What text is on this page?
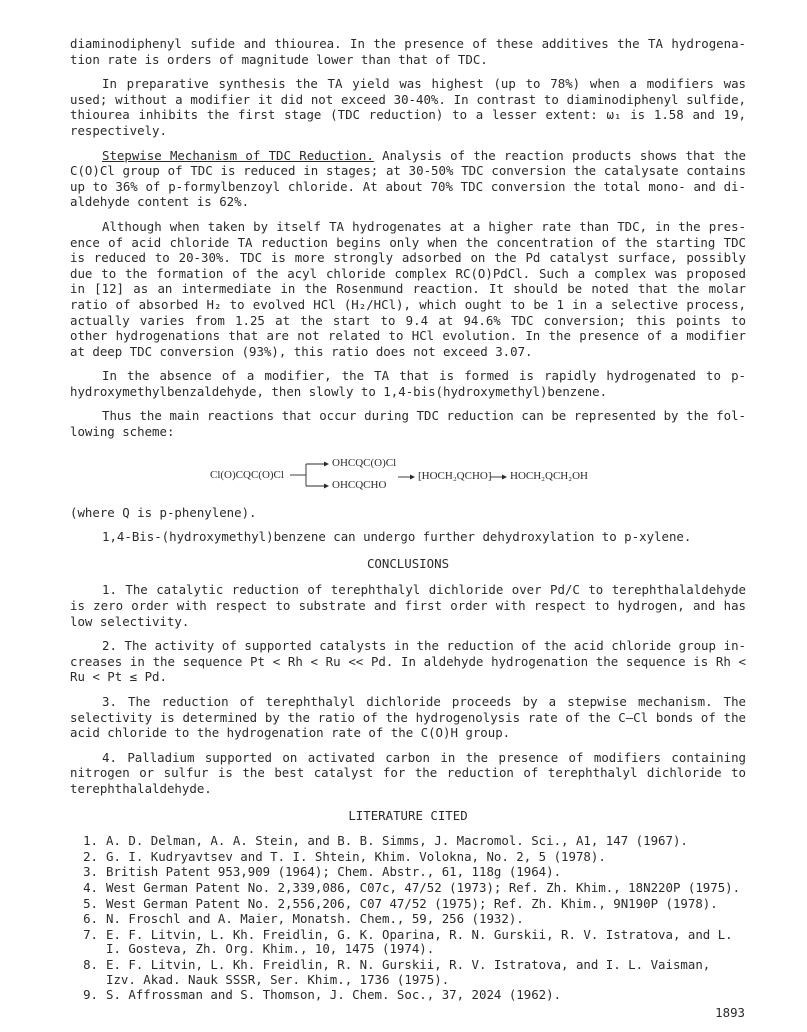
diaminodiphenyl sufide and thiourea. In the presence of these additives the TA hydrogena-tion rate is orders of magnitude lower than that of TDC.

In preparative synthesis the TA yield was highest (up to 78%) when a modifiers was used; without a modifier it did not exceed 30-40%. In contrast to diaminodiphenyl sulfide, thiourea inhibits the first stage (TDC reduction) to a lesser extent: ω₁ is 1.58 and 19, respectively.

Stepwise Mechanism of TDC Reduction. Analysis of the reaction products shows that the C(O)Cl group of TDC is reduced in stages; at 30-50% TDC conversion the catalysate contains up to 36% of p-formylbenzoyl chloride. At about 70% TDC conversion the total mono- and di-aldehyde content is 62%.

Although when taken by itself TA hydrogenates at a higher rate than TDC, in the pres-ence of acid chloride TA reduction begins only when the concentration of the starting TDC is reduced to 20-30%. TDC is more strongly adsorbed on the Pd catalyst surface, possibly due to the formation of the acyl chloride complex RC(O)PdCl. Such a complex was proposed in [12] as an intermediate in the Rosenmund reaction. It should be noted that the molar ratio of absorbed H₂ to evolved HCl (H₂/HCl), which ought to be 1 in a selective process, actually varies from 1.25 at the start to 9.4 at 94.6% TDC conversion; this points to other hydrogenations that are not related to HCl evolution. In the presence of a modifier at deep TDC conversion (93%), this ratio does not exceed 3.07.

In the absence of a modifier, the TA that is formed is rapidly hydrogenated to p-hydroxymethylbenzaldehyde, then slowly to 1,4-bis(hydroxymethyl)benzene.

Thus the main reactions that occur during TDC reduction can be represented by the fol-lowing scheme:

Cl(O)CQC(O)Cl
OHCQC(O)Cl
OHCQCHO
[HOCH₂QCHO] HOCH₂QCH₂OH

(where Q is p-phenylene).

1,4-Bis-(hydroxymethyl)benzene can undergo further dehydroxylation to p-xylene.

CONCLUSIONS

1. The catalytic reduction of terephthalyl dichloride over Pd/C to terephthalaldehyde is zero order with respect to substrate and first order with respect to hydrogen, and has low selectivity.

2. The activity of supported catalysts in the reduction of the acid chloride group in-creases in the sequence Pt < Rh < Ru << Pd. In aldehyde hydrogenation the sequence is Rh < Ru < Pt ≤ Pd.

3. The reduction of terephthalyl dichloride proceeds by a stepwise mechanism. The selectivity is determined by the ratio of the hydrogenolysis rate of the C—Cl bonds of the acid chloride to the hydrogenation rate of the C(O)H group.

4. Palladium supported on activated carbon in the presence of modifiers containing nitrogen or sulfur is the best catalyst for the reduction of terephthalyl dichloride to terephthalaldehyde.

LITERATURE CITED

1. A. D. Delman, A. A. Stein, and B. B. Simms, J. Macromol. Sci., A1, 147 (1967).
2. G. I. Kudryavtsev and T. I. Shtein, Khim. Volokna, No. 2, 5 (1978).
3. British Patent 953,909 (1964); Chem. Abstr., 61, 118g (1964).
4. West German Patent No. 2,339,086, C07c, 47/52 (1973); Ref. Zh. Khim., 18N220P (1975).
5. West German Patent No. 2,556,206, C07 47/52 (1975); Ref. Zh. Khim., 9N190P (1978).
6. N. Froschl and A. Maier, Monatsh. Chem., 59, 256 (1932).
7. E. F. Litvin, L. Kh. Freidlin, G. K. Oparina, R. N. Gurskii, R. V. Istratova, and L. I. Gosteva, Zh. Org. Khim., 10, 1475 (1974).
8. E. F. Litvin, L. Kh. Freidlin, R. N. Gurskii, R. V. Istratova, and I. L. Vaisman, Izv. Akad. Nauk SSSR, Ser. Khim., 1736 (1975).
9. S. Affrossman and S. Thomson, J. Chem. Soc., 37, 2024 (1962).
1893
